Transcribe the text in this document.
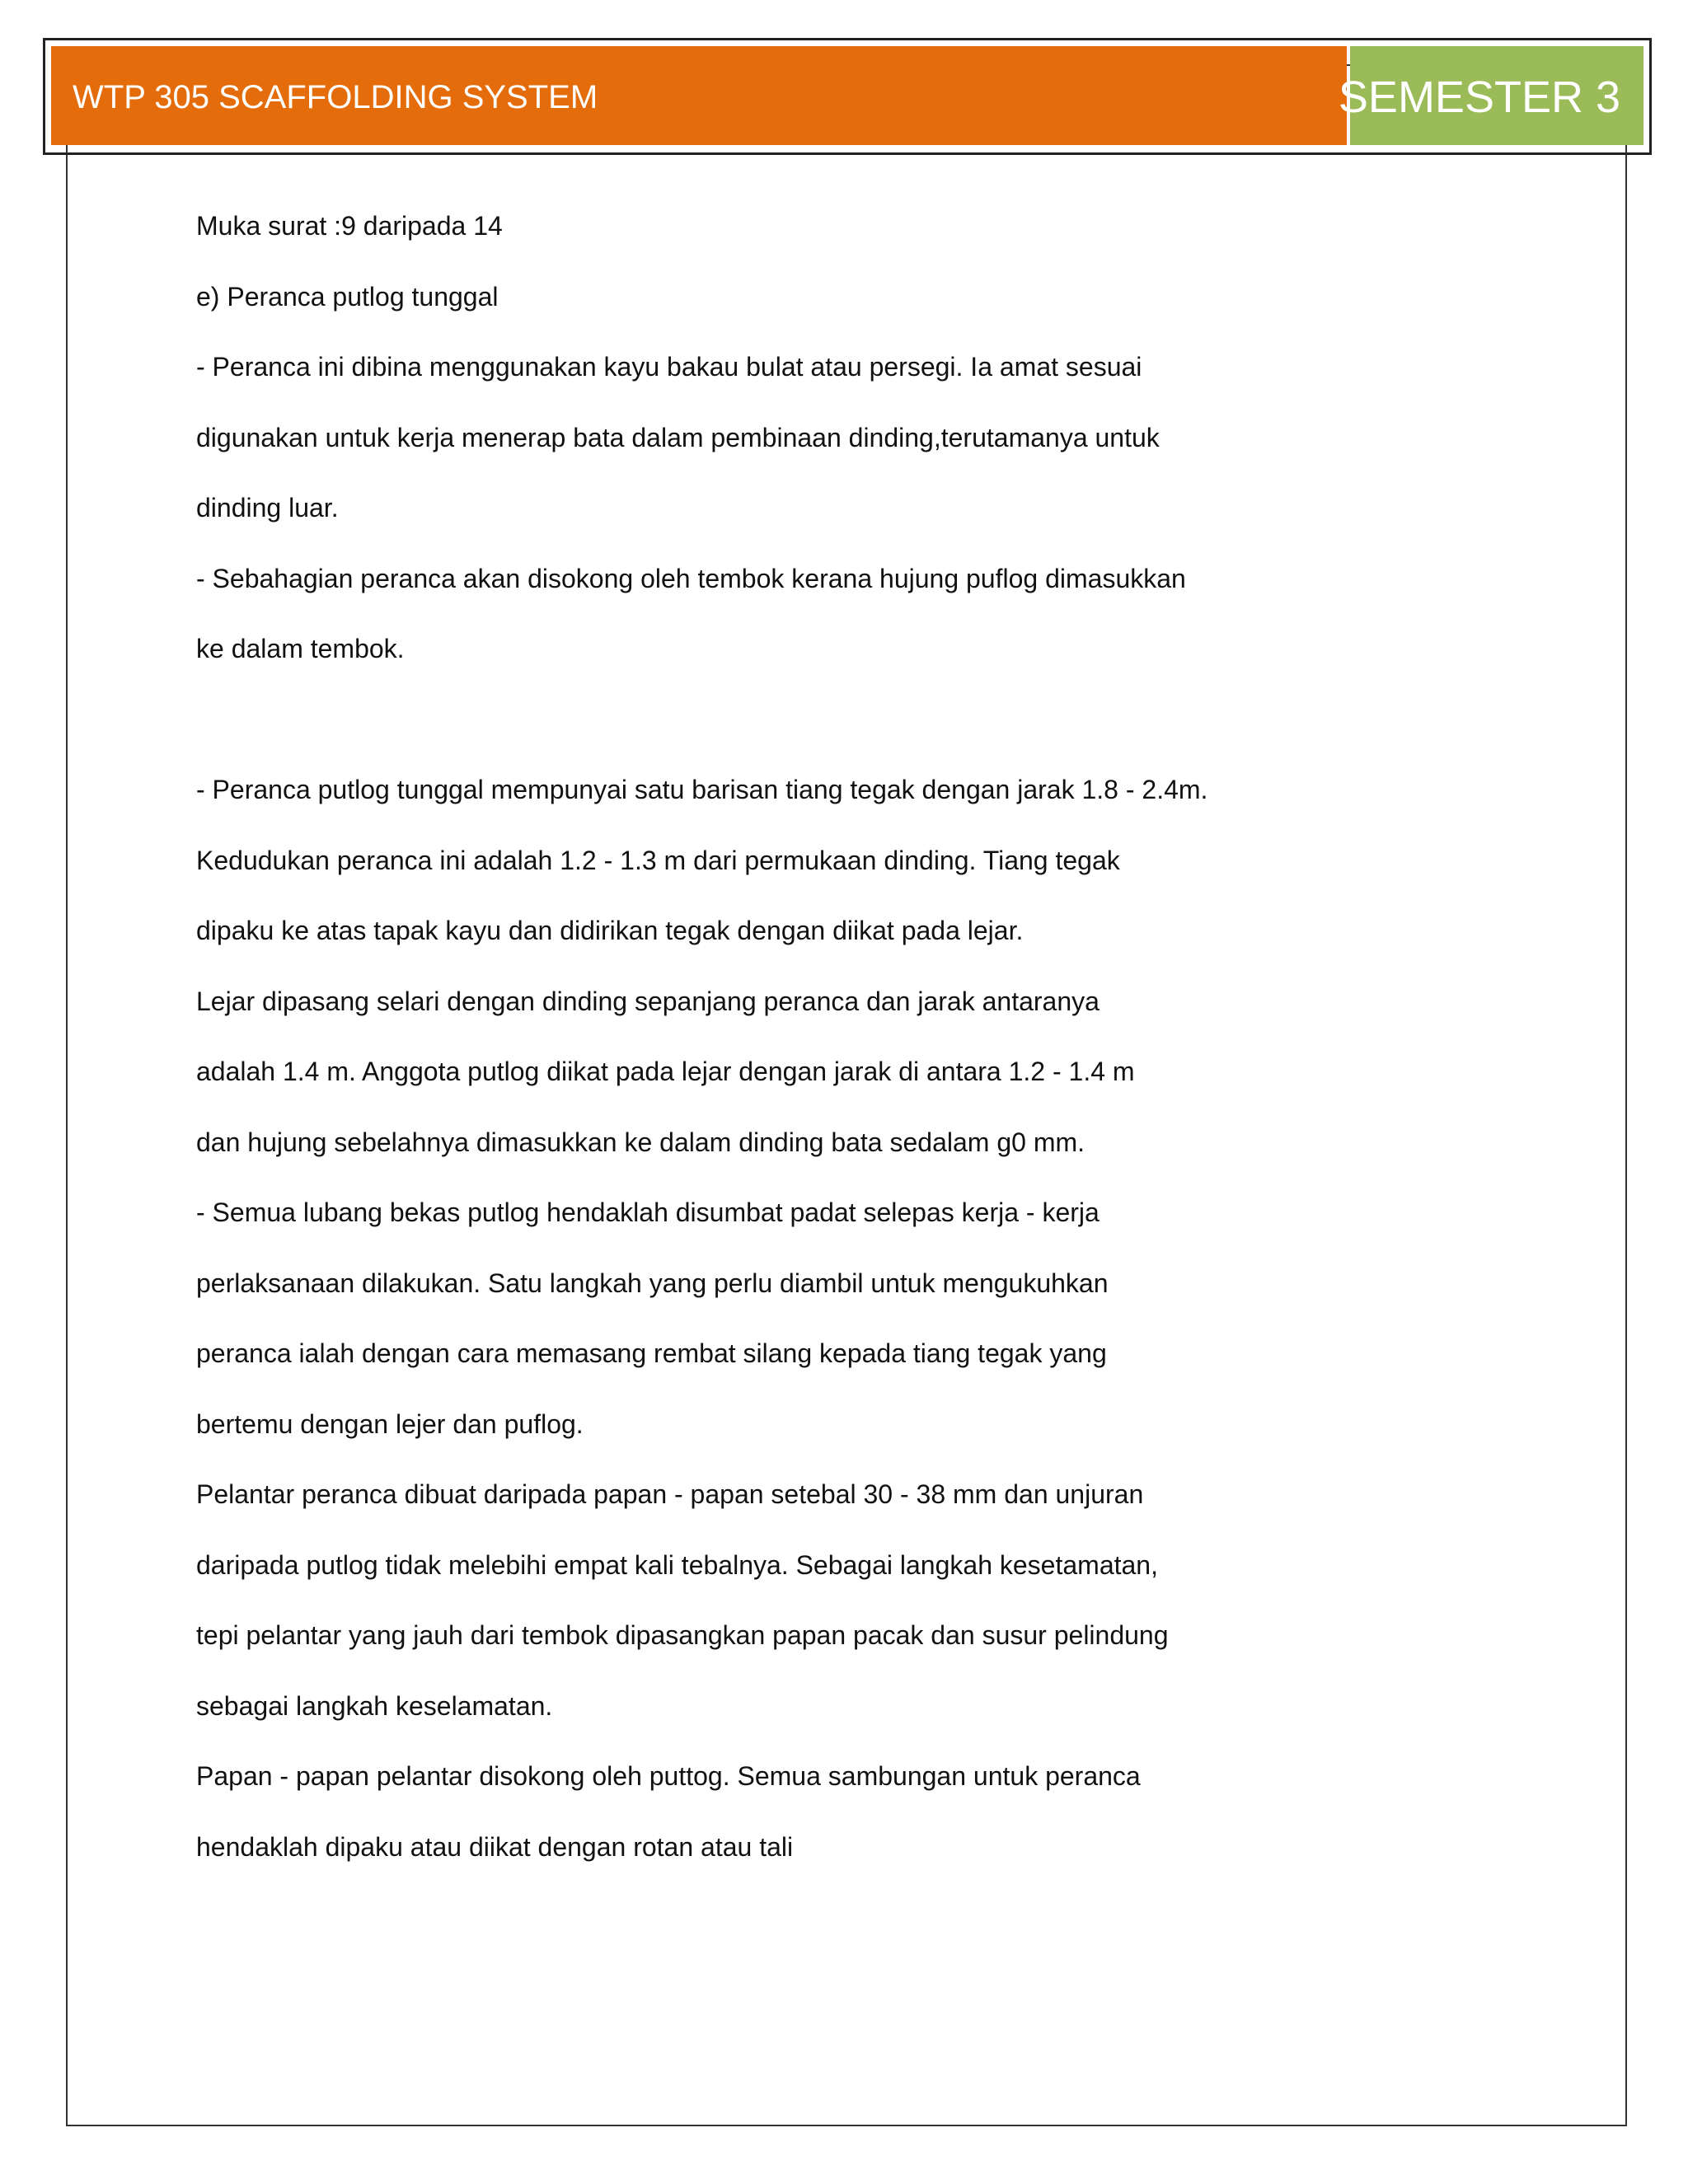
WTP 305 SCAFFOLDING SYSTEM	SEMESTER 3
Muka surat :9 daripada 14
e) Peranca putlog tunggal
- Peranca ini dibina menggunakan kayu bakau bulat atau persegi. Ia amat sesuai
digunakan untuk kerja menerap bata dalam pembinaan dinding,terutamanya untuk
dinding luar.
- Sebahagian peranca akan disokong oleh tembok kerana hujung puflog dimasukkan
ke dalam tembok.
- Peranca putlog tunggal mempunyai satu barisan tiang tegak dengan jarak 1.8 - 2.4m.
Kedudukan peranca ini adalah 1.2 - 1.3 m dari permukaan dinding. Tiang tegak
dipaku ke atas tapak kayu dan didirikan tegak dengan diikat pada lejar.
Lejar dipasang selari dengan dinding sepanjang peranca dan jarak antaranya
adalah 1.4 m. Anggota putlog diikat pada lejar dengan jarak di antara 1.2 - 1.4 m
dan hujung sebelahnya dimasukkan ke dalam dinding bata sedalam g0 mm.
- Semua lubang bekas putlog hendaklah disumbat padat selepas kerja - kerja
perlaksanaan dilakukan. Satu langkah yang perlu diambil untuk mengukuhkan
peranca ialah dengan cara memasang rembat silang kepada tiang tegak yang
bertemu dengan lejer dan puflog.
Pelantar peranca dibuat daripada papan - papan setebal 30 - 38 mm dan unjuran
daripada putlog tidak melebihi empat kali tebalnya. Sebagai langkah kesetamatan,
tepi pelantar yang jauh dari tembok dipasangkan papan pacak dan susur pelindung
sebagai langkah keselamatan.
Papan - papan pelantar disokong oleh puttog. Semua sambungan untuk peranca
hendaklah dipaku atau diikat dengan rotan atau tali
